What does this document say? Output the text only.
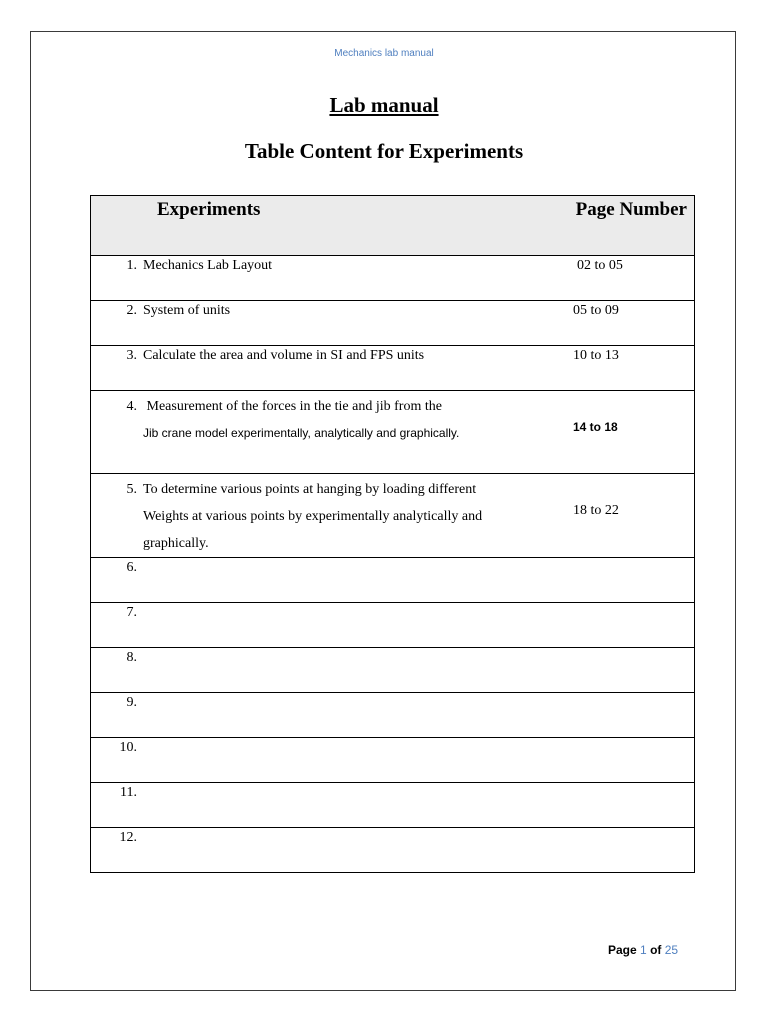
Mechanics lab manual
Lab manual
Table Content for Experiments
Experiments	Page Number
1. Mechanics Lab Layout	02 to 05
2. System of units	05 to 09
3. Calculate the area and volume in SI and FPS units	10 to 13

4. Measurement of the forces in the tie and jib from the
Jib crane model experimentally, analytically and graphically.	14 to 18

5. To determine various points at hanging by loading different
Weights at various points by experimentally analytically and
graphically.	18 to 22
6.	
7.	
8.	
9.	
10.	
11.	
12.	
Page 1 of 25
